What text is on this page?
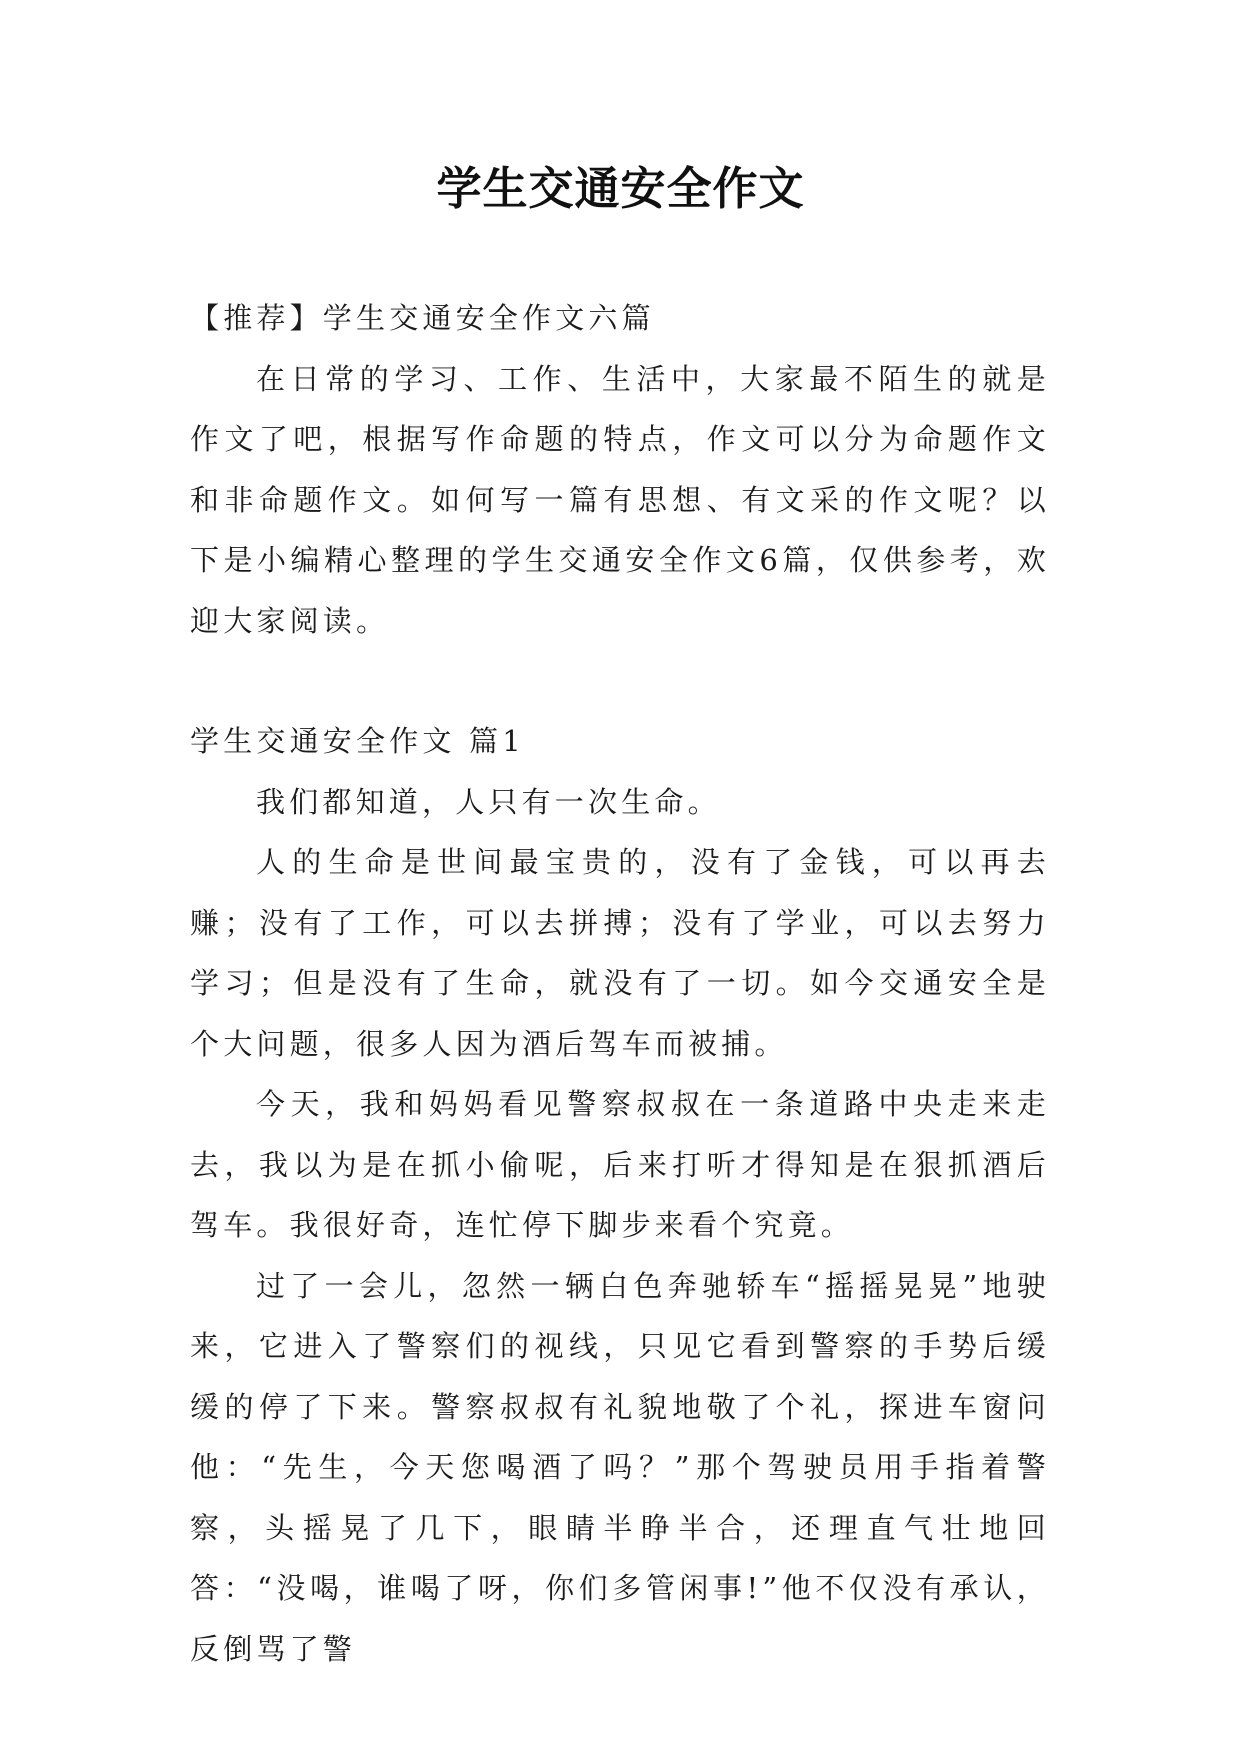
学生交通安全作文

【推荐】学生交通安全作文六篇

在日常的学习、工作、生活中，大家最不陌生的就是作文了吧，根据写作命题的特点，作文可以分为命题作文和非命题作文。如何写一篇有思想、有文采的作文呢？以下是小编精心整理的学生交通安全作文6篇，仅供参考，欢迎大家阅读。

学生交通安全作文 篇1

我们都知道，人只有一次生命。

人的生命是世间最宝贵的，没有了金钱，可以再去赚；没有了工作，可以去拼搏；没有了学业，可以去努力学习；但是没有了生命，就没有了一切。如今交通安全是个大问题，很多人因为酒后驾车而被捕。

今天，我和妈妈看见警察叔叔在一条道路中央走来走去，我以为是在抓小偷呢，后来打听才得知是在狠抓酒后驾车。我很好奇，连忙停下脚步来看个究竟。

过了一会儿，忽然一辆白色奔驰轿车“摇摇晃晃”地驶来，它进入了警察们的视线，只见它看到警察的手势后缓缓的停了下来。警察叔叔有礼貌地敬了个礼，探进车窗问他：“先生，今天您喝酒了吗？”那个驾驶员用手指着警察，头摇晃了几下，眼睛半睁半合，还理直气壮地回答：“没喝，谁喝了呀，你们多管闲事!”他不仅没有承认，反倒骂了警
